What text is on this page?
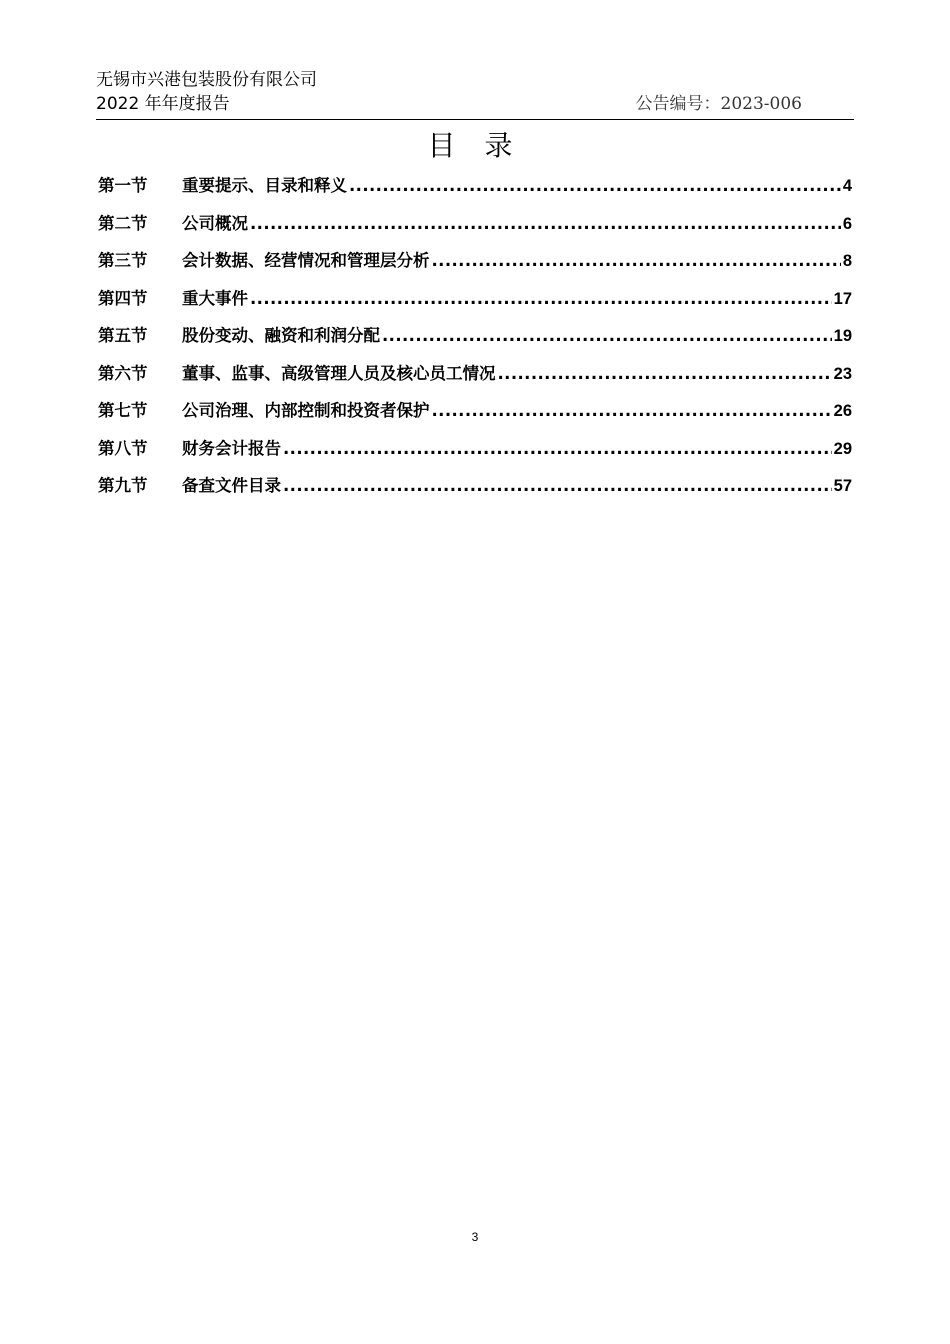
无锡市兴港包装股份有限公司
2022 年年度报告	公告编号：2023-006
目 录
第一节	重要提示、目录和释义 .....	4
第二节	公司概况 .....	6
第三节	会计数据、经营情况和管理层分析 .....	8
第四节	重大事件 .....	17
第五节	股份变动、融资和利润分配 .....	19
第六节	董事、监事、高级管理人员及核心员工情况 .....	23
第七节	公司治理、内部控制和投资者保护 .....	26
第八节	财务会计报告 .....	29
第九节	备查文件目录 .....	57
3
